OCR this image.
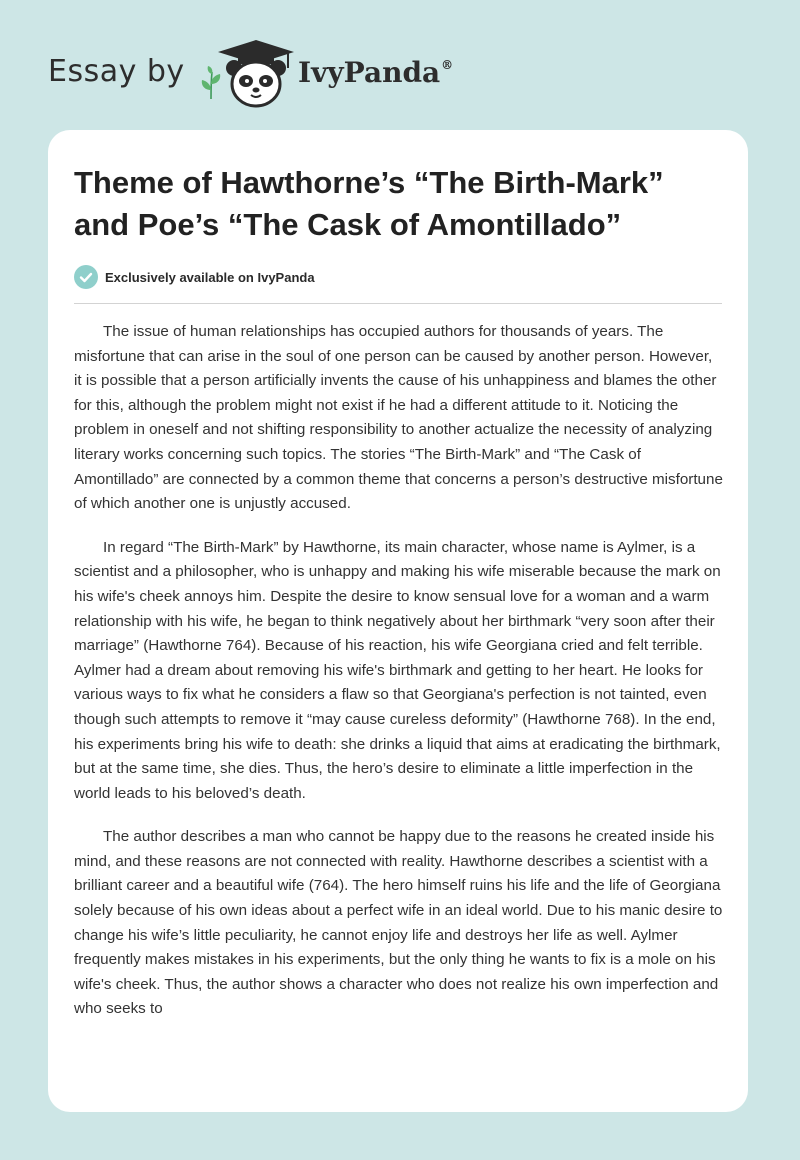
Essay by	IvyPanda®
Theme of Hawthorne’s “The Birth-Mark” and Poe’s “The Cask of Amontillado”
Exclusively available on IvyPanda

The issue of human relationships has occupied authors for thousands of years. The misfortune that can arise in the soul of one person can be caused by another person. However, it is possible that a person artificially invents the cause of his unhappiness and blames the other for this, although the problem might not exist if he had a different attitude to it. Noticing the problem in oneself and not shifting responsibility to another actualize the necessity of analyzing literary works concerning such topics. The stories “The Birth-Mark” and “The Cask of Amontillado” are connected by a common theme that concerns a person’s destructive misfortune of which another one is unjustly accused.

In regard “The Birth-Mark” by Hawthorne, its main character, whose name is Aylmer, is a scientist and a philosopher, who is unhappy and making his wife miserable because the mark on his wife's cheek annoys him. Despite the desire to know sensual love for a woman and a warm relationship with his wife, he began to think negatively about her birthmark “very soon after their marriage” (Hawthorne 764). Because of his reaction, his wife Georgiana cried and felt terrible. Aylmer had a dream about removing his wife's birthmark and getting to her heart. He looks for various ways to fix what he considers a flaw so that Georgiana's perfection is not tainted, even though such attempts to remove it “may cause cureless deformity” (Hawthorne 768). In the end, his experiments bring his wife to death: she drinks a liquid that aims at eradicating the birthmark, but at the same time, she dies. Thus, the hero’s desire to eliminate a little imperfection in the world leads to his beloved’s death.

The author describes a man who cannot be happy due to the reasons he created inside his mind, and these reasons are not connected with reality. Hawthorne describes a scientist with a brilliant career and a beautiful wife (764). The hero himself ruins his life and the life of Georgiana solely because of his own ideas about a perfect wife in an ideal world. Due to his manic desire to change his wife’s little peculiarity, he cannot enjoy life and destroys her life as well. Aylmer frequently makes mistakes in his experiments, but the only thing he wants to fix is a mole on his wife's cheek. Thus, the author shows a character who does not realize his own imperfection and who seeks to
